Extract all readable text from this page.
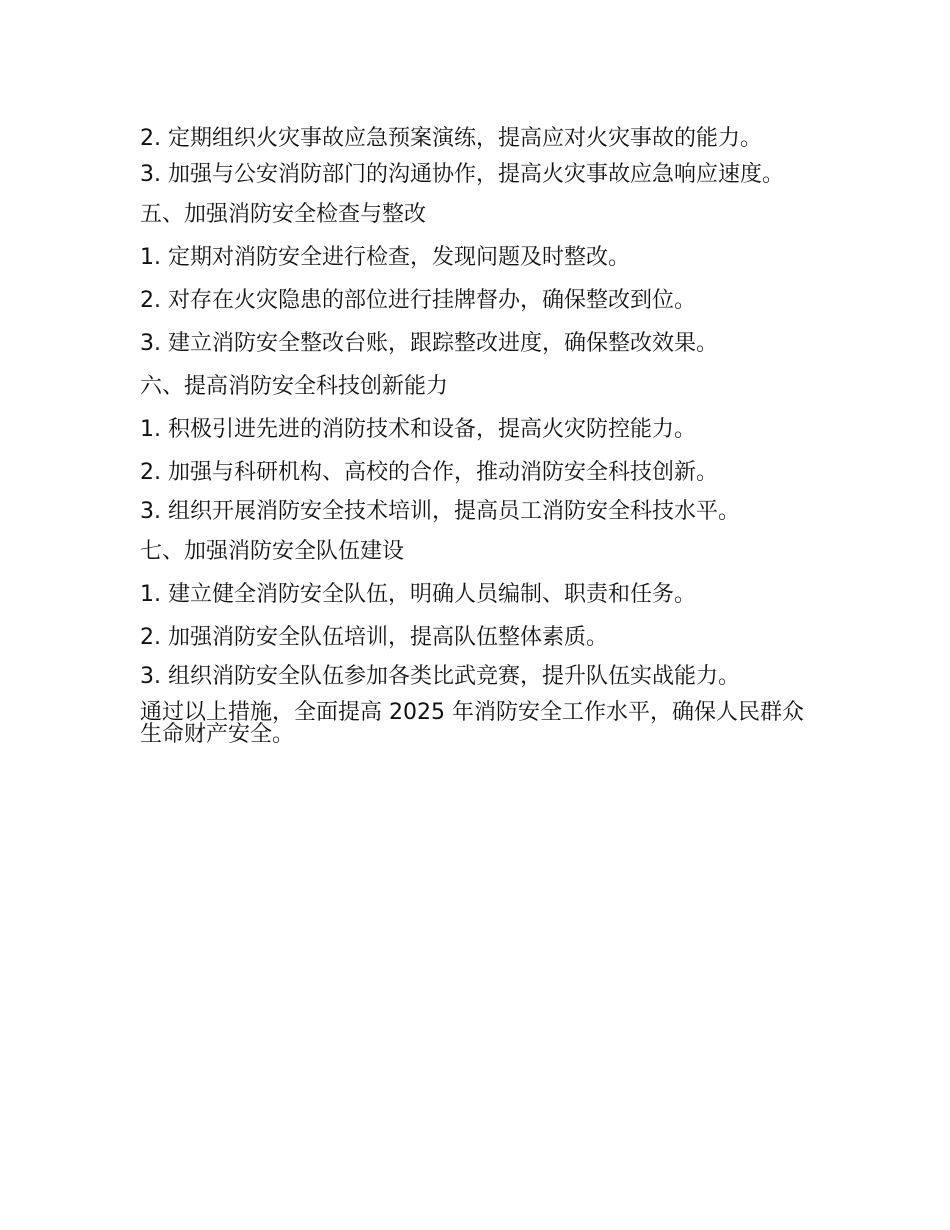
2. 定期组织火灾事故应急预案演练，提高应对火灾事故的能力。

3. 加强与公安消防部门的沟通协作，提高火灾事故应急响应速度。

五、加强消防安全检查与整改

1. 定期对消防安全进行检查，发现问题及时整改。

2. 对存在火灾隐患的部位进行挂牌督办，确保整改到位。

3. 建立消防安全整改台账，跟踪整改进度，确保整改效果。

六、提高消防安全科技创新能力

1. 积极引进先进的消防技术和设备，提高火灾防控能力。

2. 加强与科研机构、高校的合作，推动消防安全科技创新。

3. 组织开展消防安全技术培训，提高员工消防安全科技水平。

七、加强消防安全队伍建设

1. 建立健全消防安全队伍，明确人员编制、职责和任务。

2. 加强消防安全队伍培训，提高队伍整体素质。

3. 组织消防安全队伍参加各类比武竞赛，提升队伍实战能力。

通过以上措施，全面提高 2025 年消防安全工作水平，确保人民群众生命财产安全。
